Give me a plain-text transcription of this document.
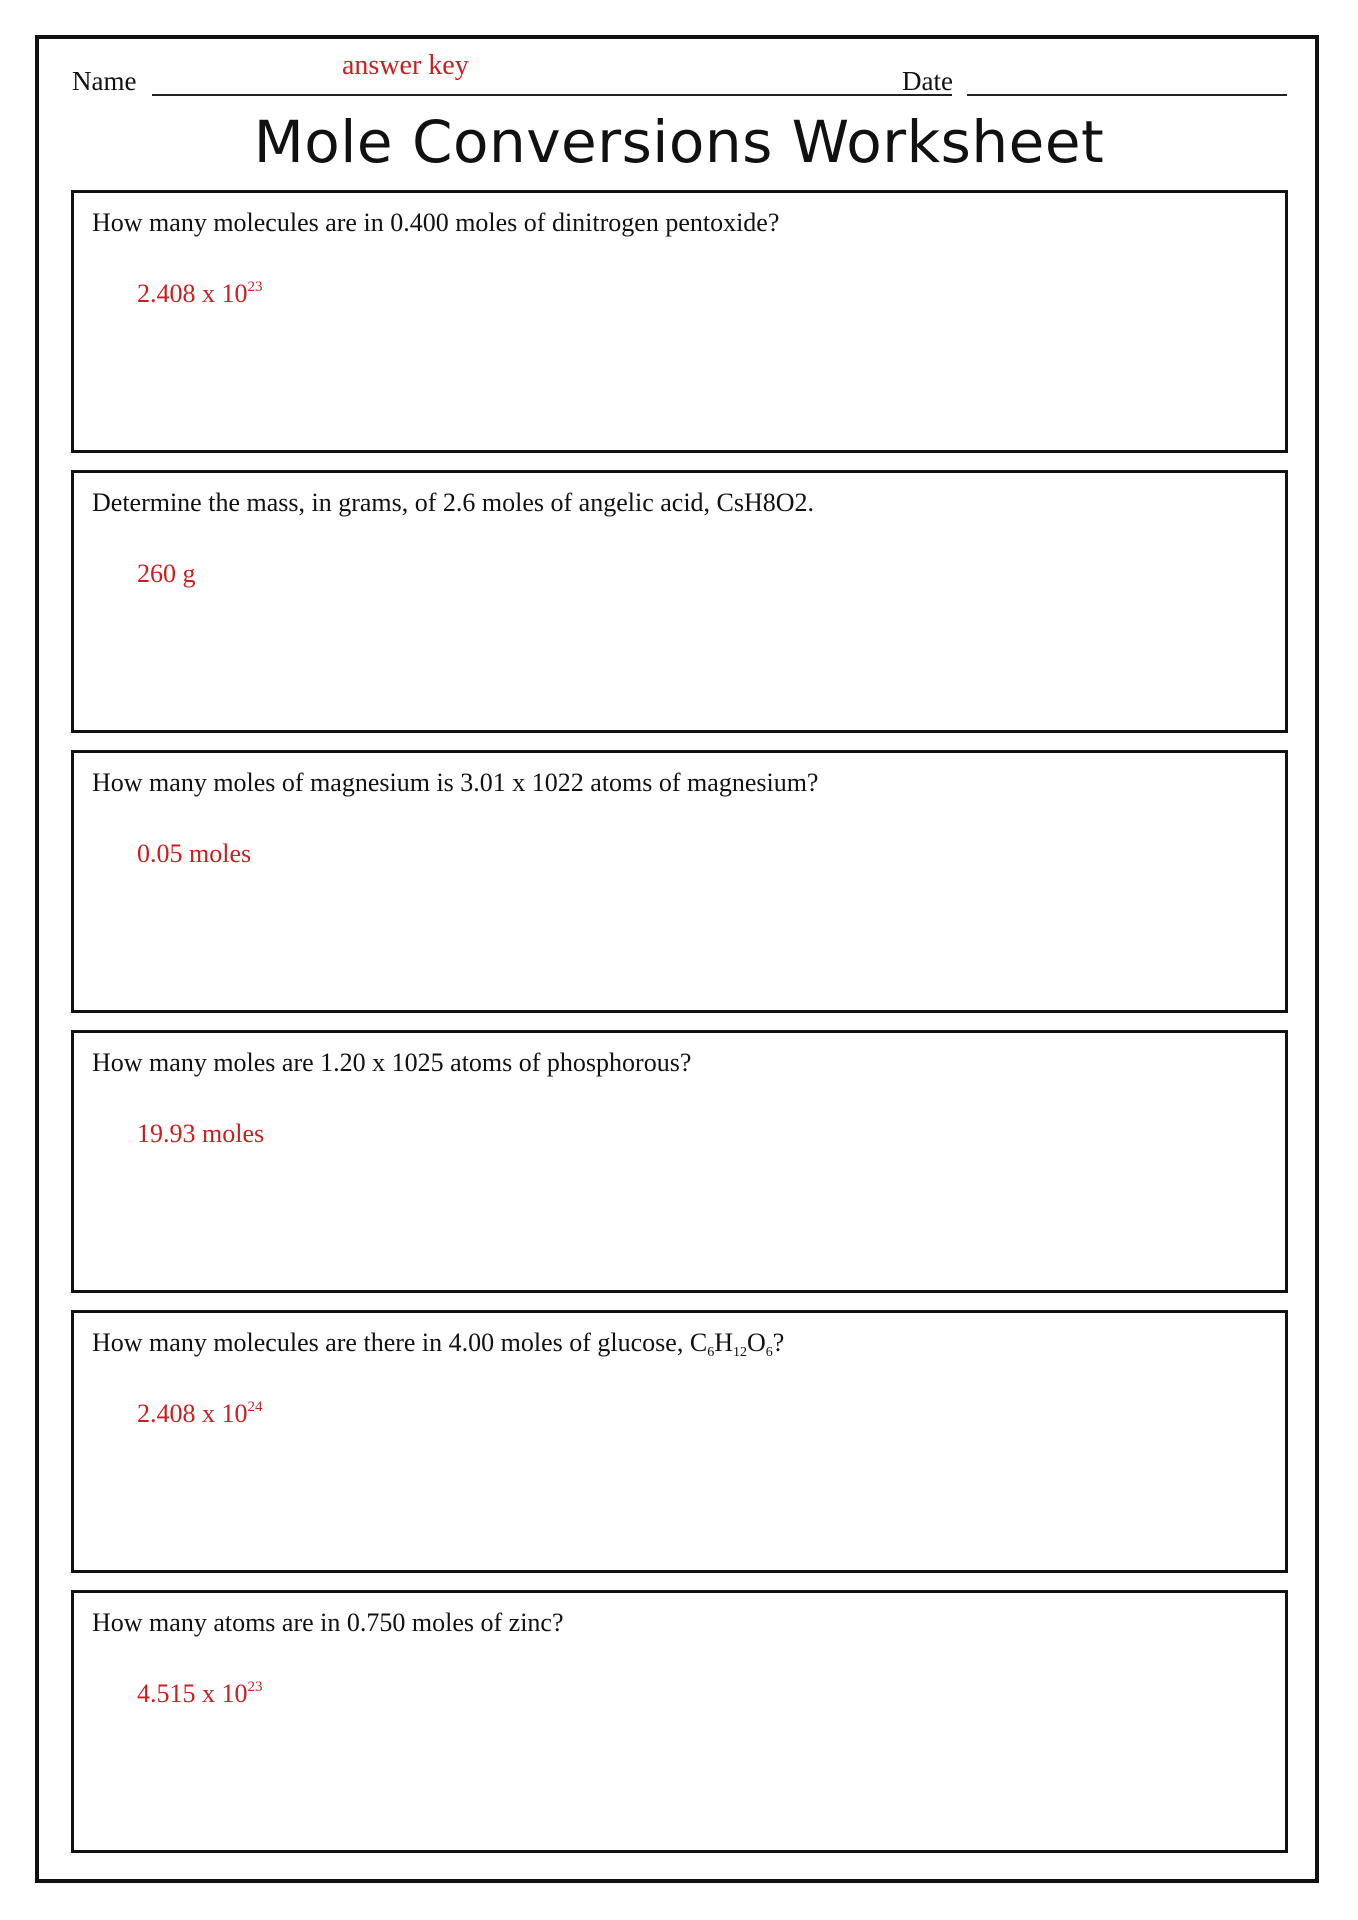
Name	answer key	Date
Mole Conversions Worksheet
How many molecules are in 0.400 moles of dinitrogen pentoxide?
2.408 x $10^{23}$
Determine the mass, in grams, of 2.6 moles of angelic acid, CsH8O2.
260 g
How many moles of magnesium is 3.01 x 1022 atoms of magnesium?
0.05 moles
How many moles are 1.20 x 1025 atoms of phosphorous?
19.93 moles
How many molecules are there in 4.00 moles of glucose, $C_6H_{12}O_6$?
2.408 x $10^{24}$
How many atoms are in 0.750 moles of zinc?
4.515 x $10^{23}$
